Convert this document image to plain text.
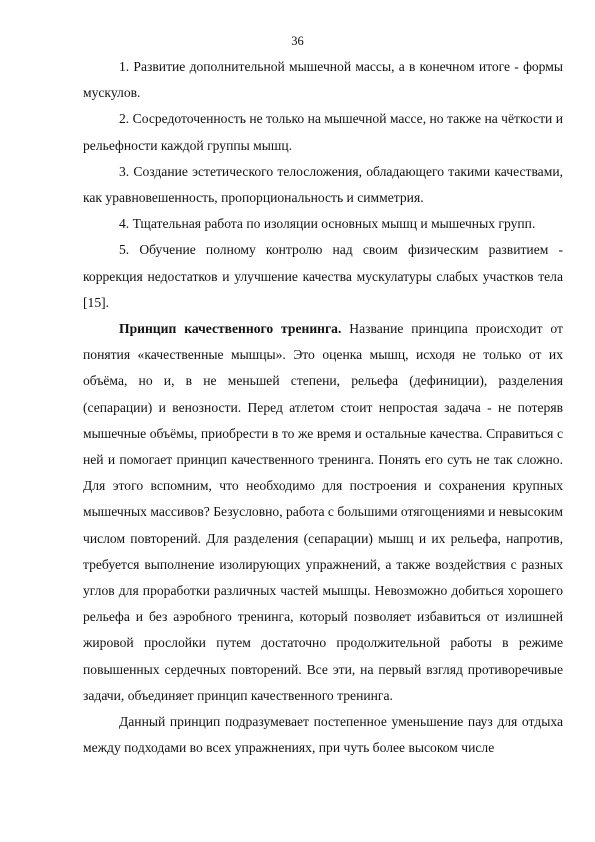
36

1. Развитие дополнительной мышечной массы, а в конечном итоге - формы мускулов.

2. Сосредоточенность не только на мышечной массе, но также на чёткости и рельефности каждой группы мышц.

3. Создание эстетического телосложения, обладающего такими качествами, как уравновешенность, пропорциональность и симметрия.

4. Тщательная работа по изоляции основных мышц и мышечных групп.

5. Обучение полному контролю над своим физическим развитием - коррекция недостатков и улучшение качества мускулатуры слабых участков тела [15].

Принцип качественного тренинга. Название принципа происходит от понятия «качественные мышцы». Это оценка мышц, исходя не только от их объёма, но и, в не меньшей степени, рельефа (дефиниции), разделения (сепарации) и венозности. Перед атлетом стоит непростая задача - не потеряв мышечные объёмы, приобрести в то же время и остальные качества. Справиться с ней и помогает принцип качественного тренинга. Понять его суть не так сложно. Для этого вспомним, что необходимо для построения и сохранения крупных мышечных массивов? Безусловно, работа с большими отягощениями и невысоким числом повторений. Для разделения (сепарации) мышц и их рельефа, напротив, требуется выполнение изолирующих упражнений, а также воздействия с разных углов для проработки различных частей мышцы. Невозможно добиться хорошего рельефа и без аэробного тренинга, который позволяет избавиться от излишней жировой прослойки путем достаточно продолжительной работы в режиме повышенных сердечных повторений. Все эти, на первый взгляд противоречивые задачи, объединяет принцип качественного тренинга.

Данный принцип подразумевает постепенное уменьшение пауз для отдыха между подходами во всех упражнениях, при чуть более высоком числе
